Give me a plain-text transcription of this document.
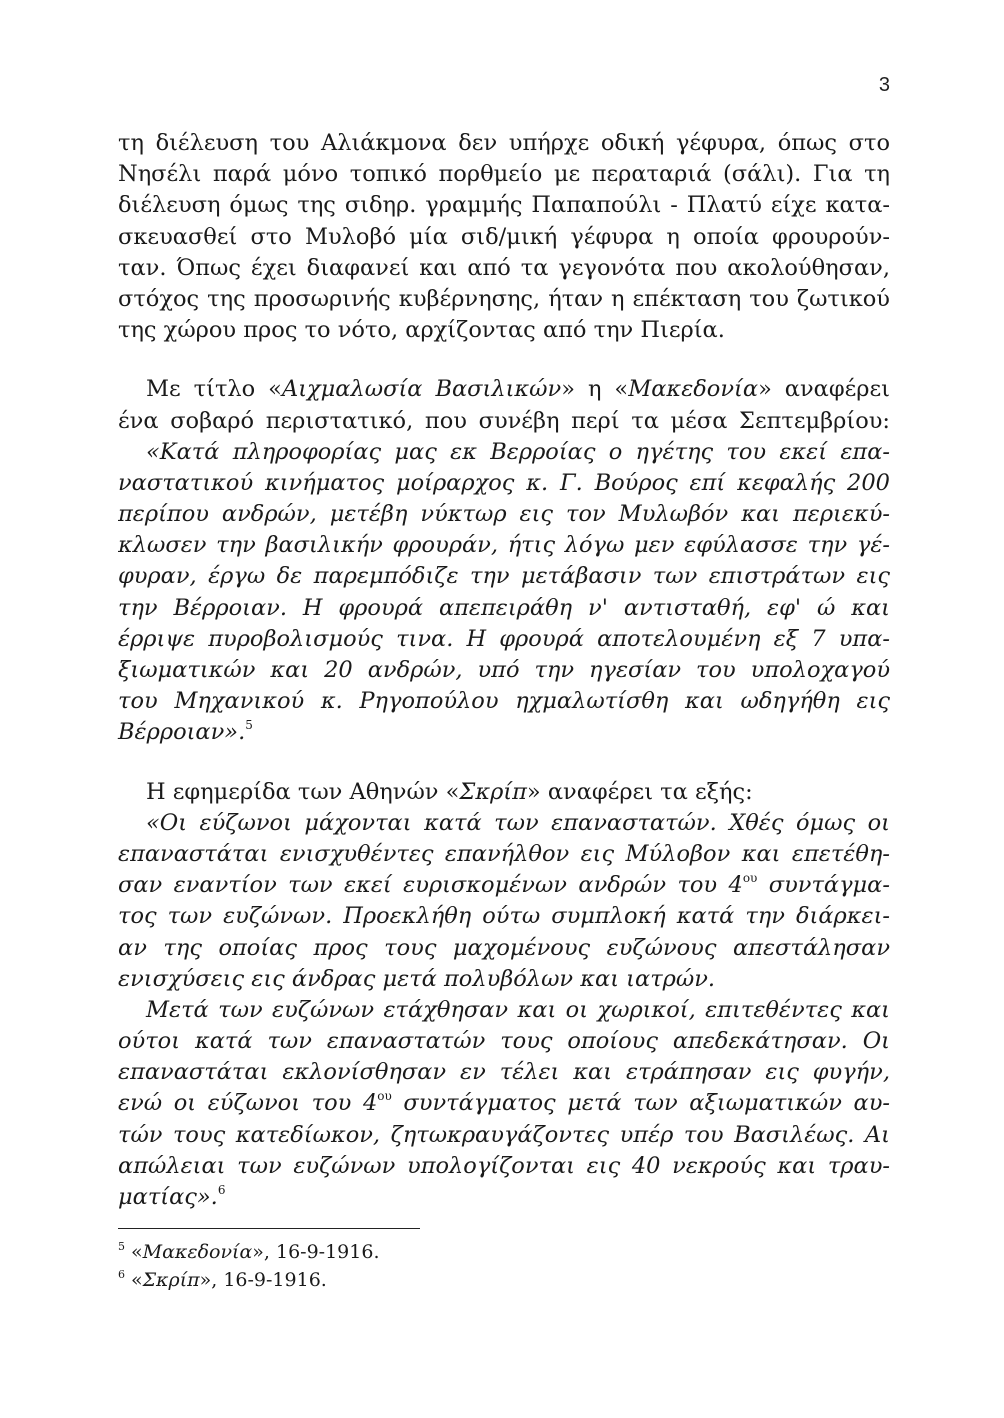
3
τη διέλευση του Αλιάκμονα δεν υπήρχε οδική γέφυρα, όπως στο
Νησέλι παρά μόνο τοπικό πορθμείο με περαταριά (σάλι). Για τη
διέλευση όμως της σιδηρ. γραμμής Παπαπούλι - Πλατύ είχε κατα-
σκευασθεί στο Μυλοβό μία σιδ/μική γέφυρα η οποία φρουρούν-
ταν. Όπως έχει διαφανεί και από τα γεγονότα που ακολούθησαν,
στόχος της προσωρινής κυβέρνησης, ήταν η επέκταση του ζωτικού
της χώρου προς το νότο, αρχίζοντας από την Πιερία.
Με τίτλο «Αιχμαλωσία Βασιλικών» η «Μακεδονία» αναφέρει
ένα σοβαρό περιστατικό, που συνέβη περί τα μέσα Σεπτεμβρίου:
«Κατά πληροφορίας μας εκ Βερροίας ο ηγέτης του εκεί επα-
ναστατικού κινήματος μοίραρχος κ. Γ. Βούρος επί κεφαλής 200
περίπου ανδρών, μετέβη νύκτωρ εις τον Μυλωβόν και περιεκύ-
κλωσεν την βασιλικήν φρουράν, ήτις λόγω μεν εφύλασσε την γέ-
φυραν, έργω δε παρεμπόδιζε την μετάβασιν των επιστράτων εις
την Βέρροιαν. Η φρουρά απεπειράθη ν' αντισταθή, εφ' ώ και
έρριψε πυροβολισμούς τινα. Η φρουρά αποτελουμένη εξ 7 υπα-
ξιωματικών και 20 ανδρών, υπό την ηγεσίαν του υπολοχαγού
του Μηχανικού κ. Ρηγοπούλου ηχμαλωτίσθη και ωδηγήθη εις
Βέρροιαν».$^5$
Η εφημερίδα των Αθηνών «Σκρίπ» αναφέρει τα εξής:
«Οι εύζωνοι μάχονται κατά των επαναστατών. Χθές όμως οι
επαναστάται ενισχυθέντες επανήλθον εις Μύλοβον και επετέθη-
σαν εναντίον των εκεί ευρισκομένων ανδρών του $4^{o\upsilon}$ συντάγμα-
τος των ευζώνων. Προεκλήθη ούτω συμπλοκή κατά την διάρκει-
αν της οποίας προς τους μαχομένους ευζώνους απεστάλησαν
ενισχύσεις εις άνδρας μετά πολυβόλων και ιατρών.
Μετά των ευζώνων ετάχθησαν και οι χωρικοί, επιτεθέντες και
ούτοι κατά των επαναστατών τους οποίους απεδεκάτησαν. Οι
επαναστάται εκλονίσθησαν εν τέλει και ετράπησαν εις φυγήν,
ενώ οι εύζωνοι του $4^{o\upsilon}$ συντάγματος μετά των αξιωματικών αυ-
τών τους κατεδίωκον, ζητωκραυγάζοντες υπέρ του Βασιλέως. Αι
απώλειαι των ευζώνων υπολογίζονται εις 40 νεκρούς και τραυ-
ματίας».$^6$
$^5$ «Μακεδονία», 16-9-1916.
$^6$ «Σκρίπ», 16-9-1916.
